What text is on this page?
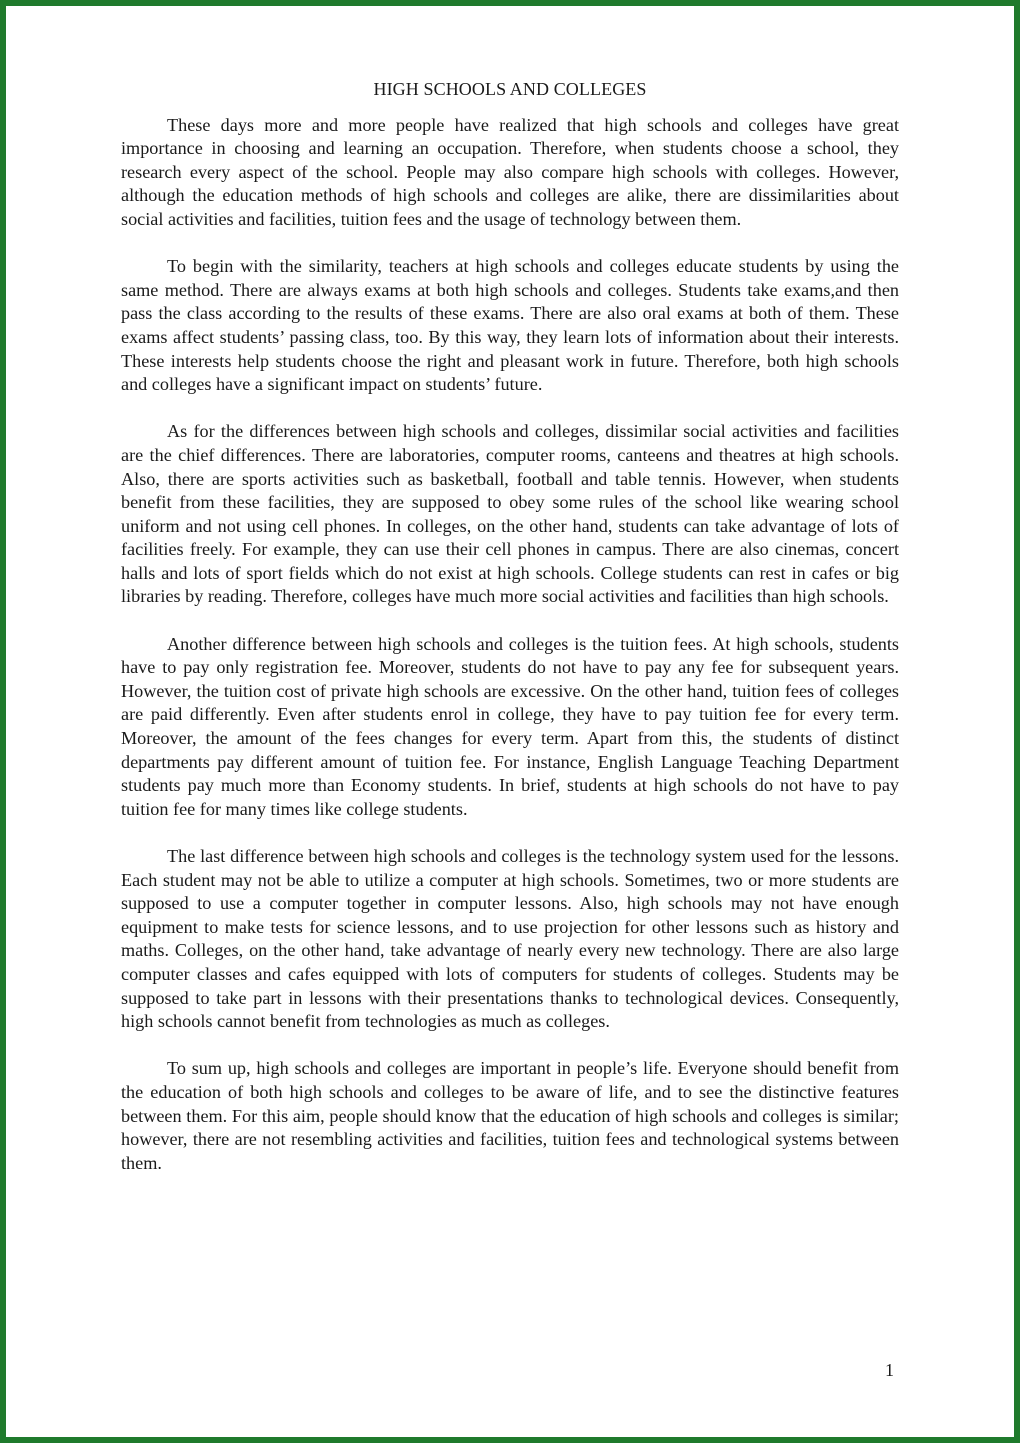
HIGH SCHOOLS AND COLLEGES

These days more and more people have realized that high schools and colleges have great importance in choosing and learning an occupation. Therefore, when students choose a school, they research every aspect of the school. People may also compare high schools with colleges. However, although the education methods of high schools and colleges are alike, there are dissimilarities about social activities and facilities, tuition fees and the usage of technology between them.

To begin with the similarity, teachers at high schools and colleges educate students by using the same method. There are always exams at both high schools and colleges. Students take exams,and then pass the class according to the results of these exams. There are also oral exams at both of them. These exams affect students’ passing class, too. By this way, they learn lots of information about their interests. These interests help students choose the right and pleasant work in future. Therefore, both high schools and colleges have a significant impact on students’ future.

As for the differences between high schools and colleges, dissimilar social activities and facilities are the chief differences. There are laboratories, computer rooms, canteens and theatres at high schools. Also, there are sports activities such as basketball, football and table tennis. However, when students benefit from these facilities, they are supposed to obey some rules of the school like wearing school uniform and not using cell phones. In colleges, on the other hand, students can take advantage of lots of facilities freely. For example, they can use their cell phones in campus. There are also cinemas, concert halls and lots of sport fields which do not exist at high schools. College students can rest in cafes or big libraries by reading. Therefore, colleges have much more social activities and facilities than high schools.

Another difference between high schools and colleges is the tuition fees. At high schools, students have to pay only registration fee. Moreover, students do not have to pay any fee for subsequent years. However, the tuition cost of private high schools are excessive. On the other hand, tuition fees of colleges are paid differently. Even after students enrol in college, they have to pay tuition fee for every term. Moreover, the amount of the fees changes for every term. Apart from this, the students of distinct departments pay different amount of tuition fee. For instance, English Language Teaching Department students pay much more than Economy students. In brief, students at high schools do not have to pay tuition fee for many times like college students.

The last difference between high schools and colleges is the technology system used for the lessons. Each student may not be able to utilize a computer at high schools. Sometimes, two or more students are supposed to use a computer together in computer lessons. Also, high schools may not have enough equipment to make tests for science lessons, and to use projection for other lessons such as history and maths. Colleges, on the other hand, take advantage of nearly every new technology. There are also large computer classes and cafes equipped with lots of computers for students of colleges. Students may be supposed to take part in lessons with their presentations thanks to technological devices. Consequently, high schools cannot benefit from technologies as much as colleges.

To sum up, high schools and colleges are important in people’s life. Everyone should benefit from the education of both high schools and colleges to be aware of life, and to see the distinctive features between them. For this aim, people should know that the education of high schools and colleges is similar; however, there are not resembling activities and facilities, tuition fees and technological systems between them.

1
